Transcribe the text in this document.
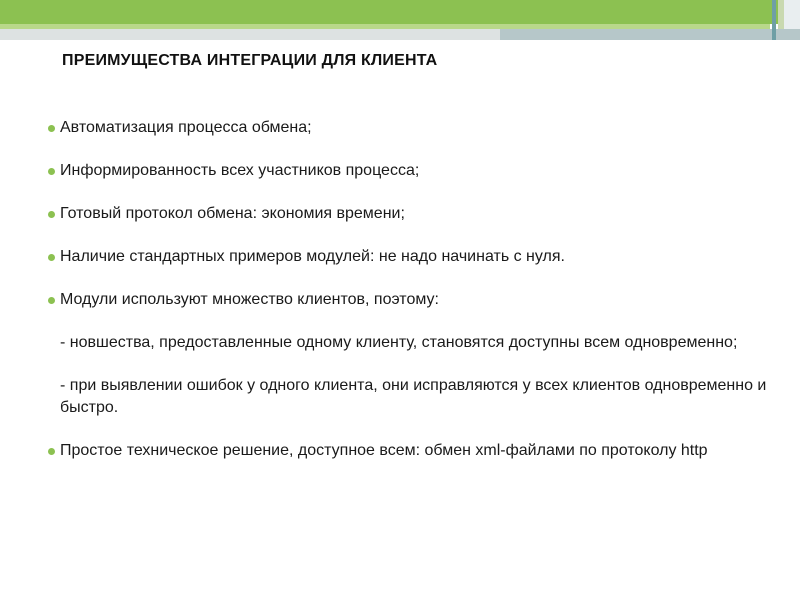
ПРЕИМУЩЕСТВА ИНТЕГРАЦИИ ДЛЯ КЛИЕНТА
Автоматизация процесса обмена;
Информированность всех участников процесса;
Готовый протокол обмена: экономия времени;
Наличие стандартных примеров модулей: не надо начинать с нуля.
Модули используют множество клиентов, поэтому:
- новшества, предоставленные одному клиенту, становятся доступны всем одновременно;
- при выявлении ошибок у одного клиента, они исправляются у всех клиентов одновременно и быстро.
Простое техническое решение, доступное всем: обмен xml-файлами по протоколу http
